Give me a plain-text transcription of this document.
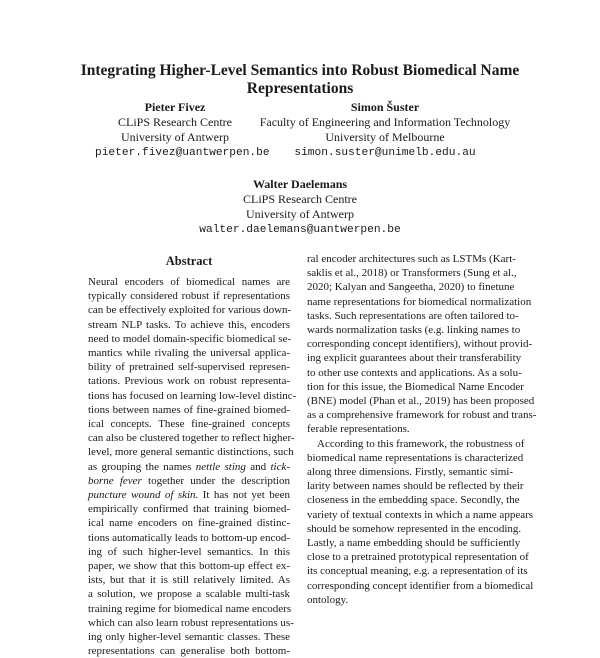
Integrating Higher-Level Semantics into Robust Biomedical Name
Representations
Pieter Fivez
CLiPS Research Centre
University of Antwerp
pieter.fivez@uantwerpen.be
Simon Šuster
Faculty of Engineering and Information Technology
University of Melbourne
simon.suster@unimelb.edu.au
Walter Daelemans
CLiPS Research Centre
University of Antwerp
walter.daelemans@uantwerpen.be
Abstract
Neural encoders of biomedical names are
typically considered robust if representations
can be effectively exploited for various down-
stream NLP tasks. To achieve this, encoders
need to model domain-specific biomedical se-
mantics while rivaling the universal applica-
bility of pretrained self-supervised represen-
tations. Previous work on robust representa-
tions has focused on learning low-level distinc-
tions between names of fine-grained biomed-
ical concepts. These fine-grained concepts
can also be clustered together to reflect higher-
level, more general semantic distinctions, such
as grouping the names nettle sting and tick-
borne fever together under the description
puncture wound of skin. It has not yet been
empirically confirmed that training biomed-
ical name encoders on fine-grained distinc-
tions automatically leads to bottom-up encod-
ing of such higher-level semantics. In this
paper, we show that this bottom-up effect ex-
ists, but that it is still relatively limited. As
a solution, we propose a scalable multi-task
training regime for biomedical name encoders
which can also learn robust representations us-
ing only higher-level semantic classes. These
representations can generalise both bottom-
ral encoder architectures such as LSTMs (Kart-
saklis et al., 2018) or Transformers (Sung et al.,
2020; Kalyan and Sangeetha, 2020) to finetune
name representations for biomedical normalization
tasks. Such representations are often tailored to-
wards normalization tasks (e.g. linking names to
corresponding concept identifiers), without provid-
ing explicit guarantees about their transferability
to other use contexts and applications. As a solu-
tion for this issue, the Biomedical Name Encoder
(BNE) model (Phan et al., 2019) has been proposed
as a comprehensive framework for robust and trans-
ferable representations.
According to this framework, the robustness of
biomedical name representations is characterized
along three dimensions. Firstly, semantic simi-
larity between names should be reflected by their
closeness in the embedding space. Secondly, the
variety of textual contexts in which a name appears
should be somehow represented in the encoding.
Lastly, a name embedding should be sufficiently
close to a pretrained prototypical representation of
its conceptual meaning, e.g. a representation of its
corresponding concept identifier from a biomedical
ontology.
